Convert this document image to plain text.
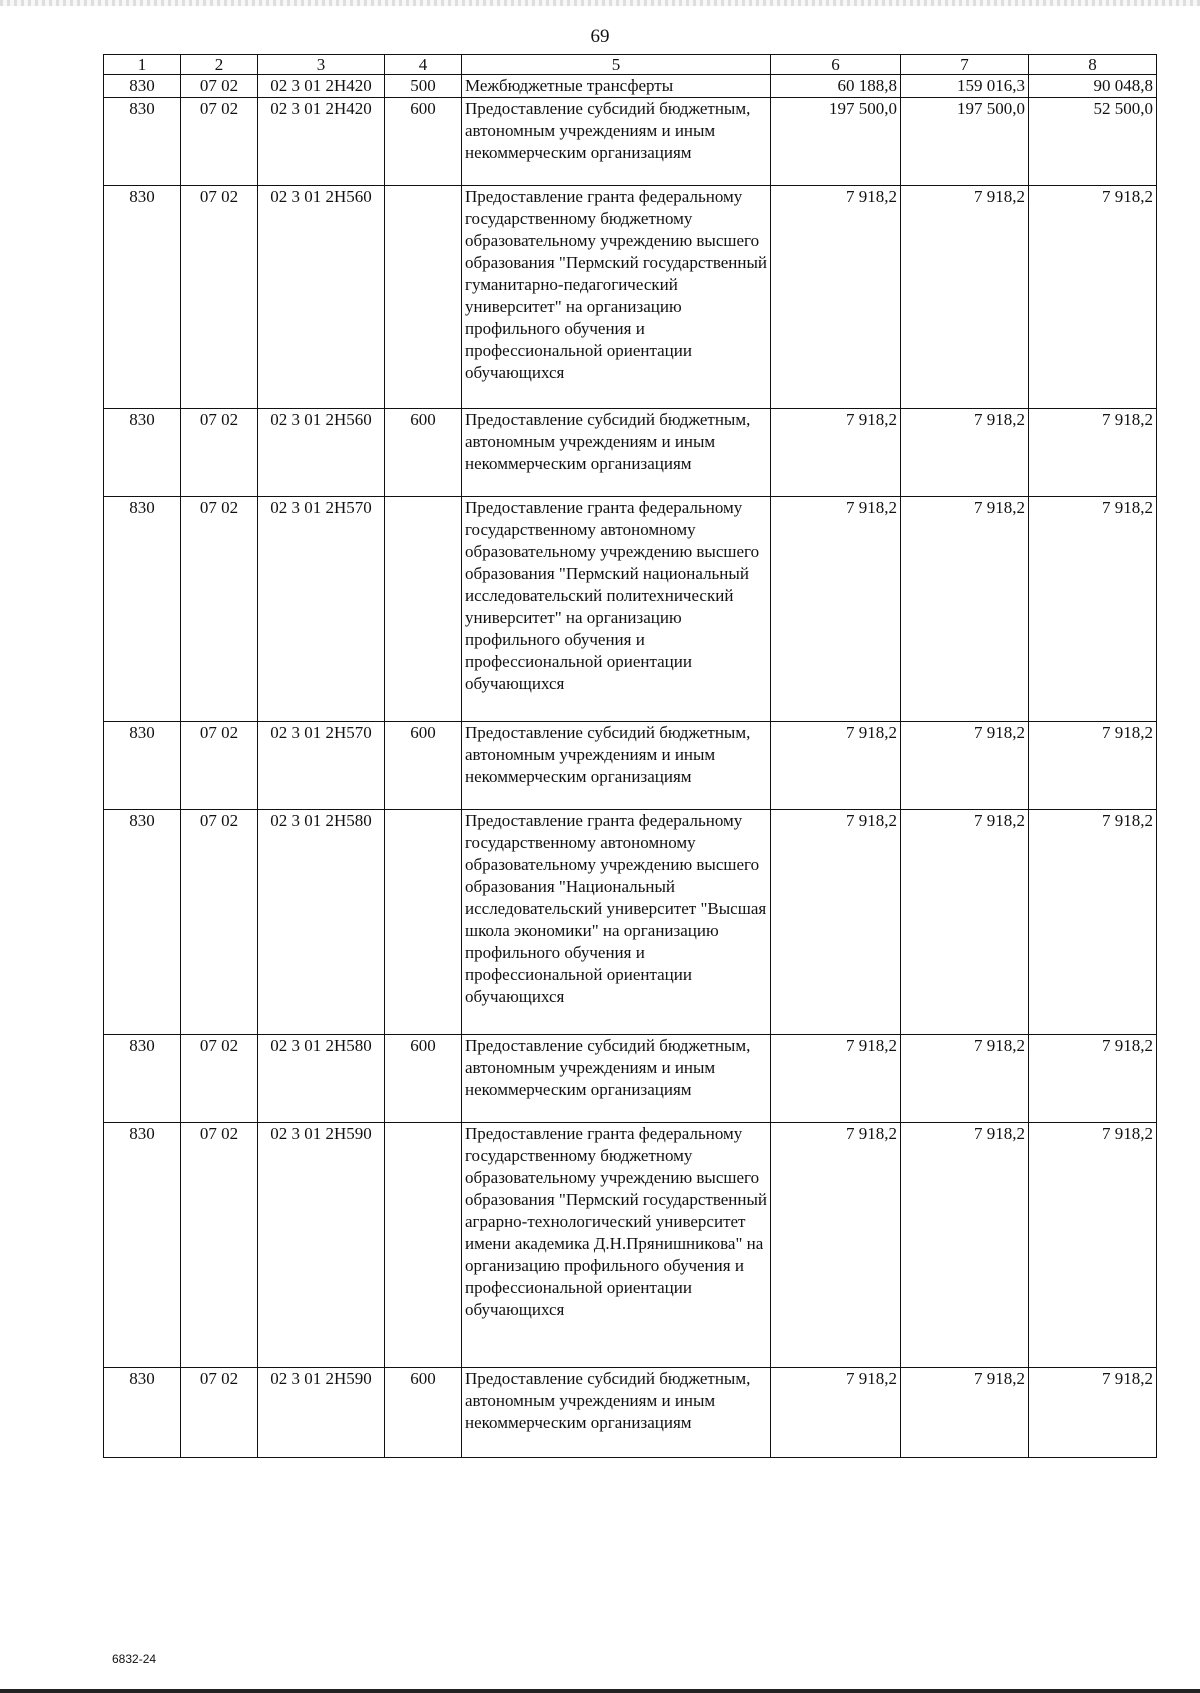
69
1	2	3	4	5	6	7	8
830	07 02	02 3 01 2Н420	500	Межбюджетные трансферты	60 188,8	159 016,3	90 048,8
830	07 02	02 3 01 2Н420	600	Предоставление субсидий бюджетным, автономным учреждениям и иным некоммерческим организациям	197 500,0	197 500,0	52 500,0
830	07 02	02 3 01 2Н560		Предоставление гранта федеральному государственному бюджетному образовательному учреждению высшего образования "Пермский государственный гуманитарно-педагогический университет" на организацию профильного обучения и профессиональной ориентации обучающихся	7 918,2	7 918,2	7 918,2
830	07 02	02 3 01 2Н560	600	Предоставление субсидий бюджетным, автономным учреждениям и иным некоммерческим организациям	7 918,2	7 918,2	7 918,2
830	07 02	02 3 01 2Н570		Предоставление гранта федеральному государственному автономному образовательному учреждению высшего образования "Пермский национальный исследовательский политехнический университет" на организацию профильного обучения и профессиональной ориентации обучающихся	7 918,2	7 918,2	7 918,2
830	07 02	02 3 01 2Н570	600	Предоставление субсидий бюджетным, автономным учреждениям и иным некоммерческим организациям	7 918,2	7 918,2	7 918,2
830	07 02	02 3 01 2Н580		Предоставление гранта федеральному государственному автономному образовательному учреждению высшего образования "Национальный исследовательский университет "Высшая школа экономики" на организацию профильного обучения и профессиональной ориентации обучающихся	7 918,2	7 918,2	7 918,2
830	07 02	02 3 01 2Н580	600	Предоставление субсидий бюджетным, автономным учреждениям и иным некоммерческим организациям	7 918,2	7 918,2	7 918,2
830	07 02	02 3 01 2Н590		Предоставление гранта федеральному государственному бюджетному образовательному учреждению высшего образования "Пермский государственный аграрно-технологический университет имени академика Д.Н.Прянишникова" на организацию профильного обучения и профессиональной ориентации обучающихся	7 918,2	7 918,2	7 918,2
830	07 02	02 3 01 2Н590	600	Предоставление субсидий бюджетным, автономным учреждениям и иным некоммерческим организациям	7 918,2	7 918,2	7 918,2
6832-24
